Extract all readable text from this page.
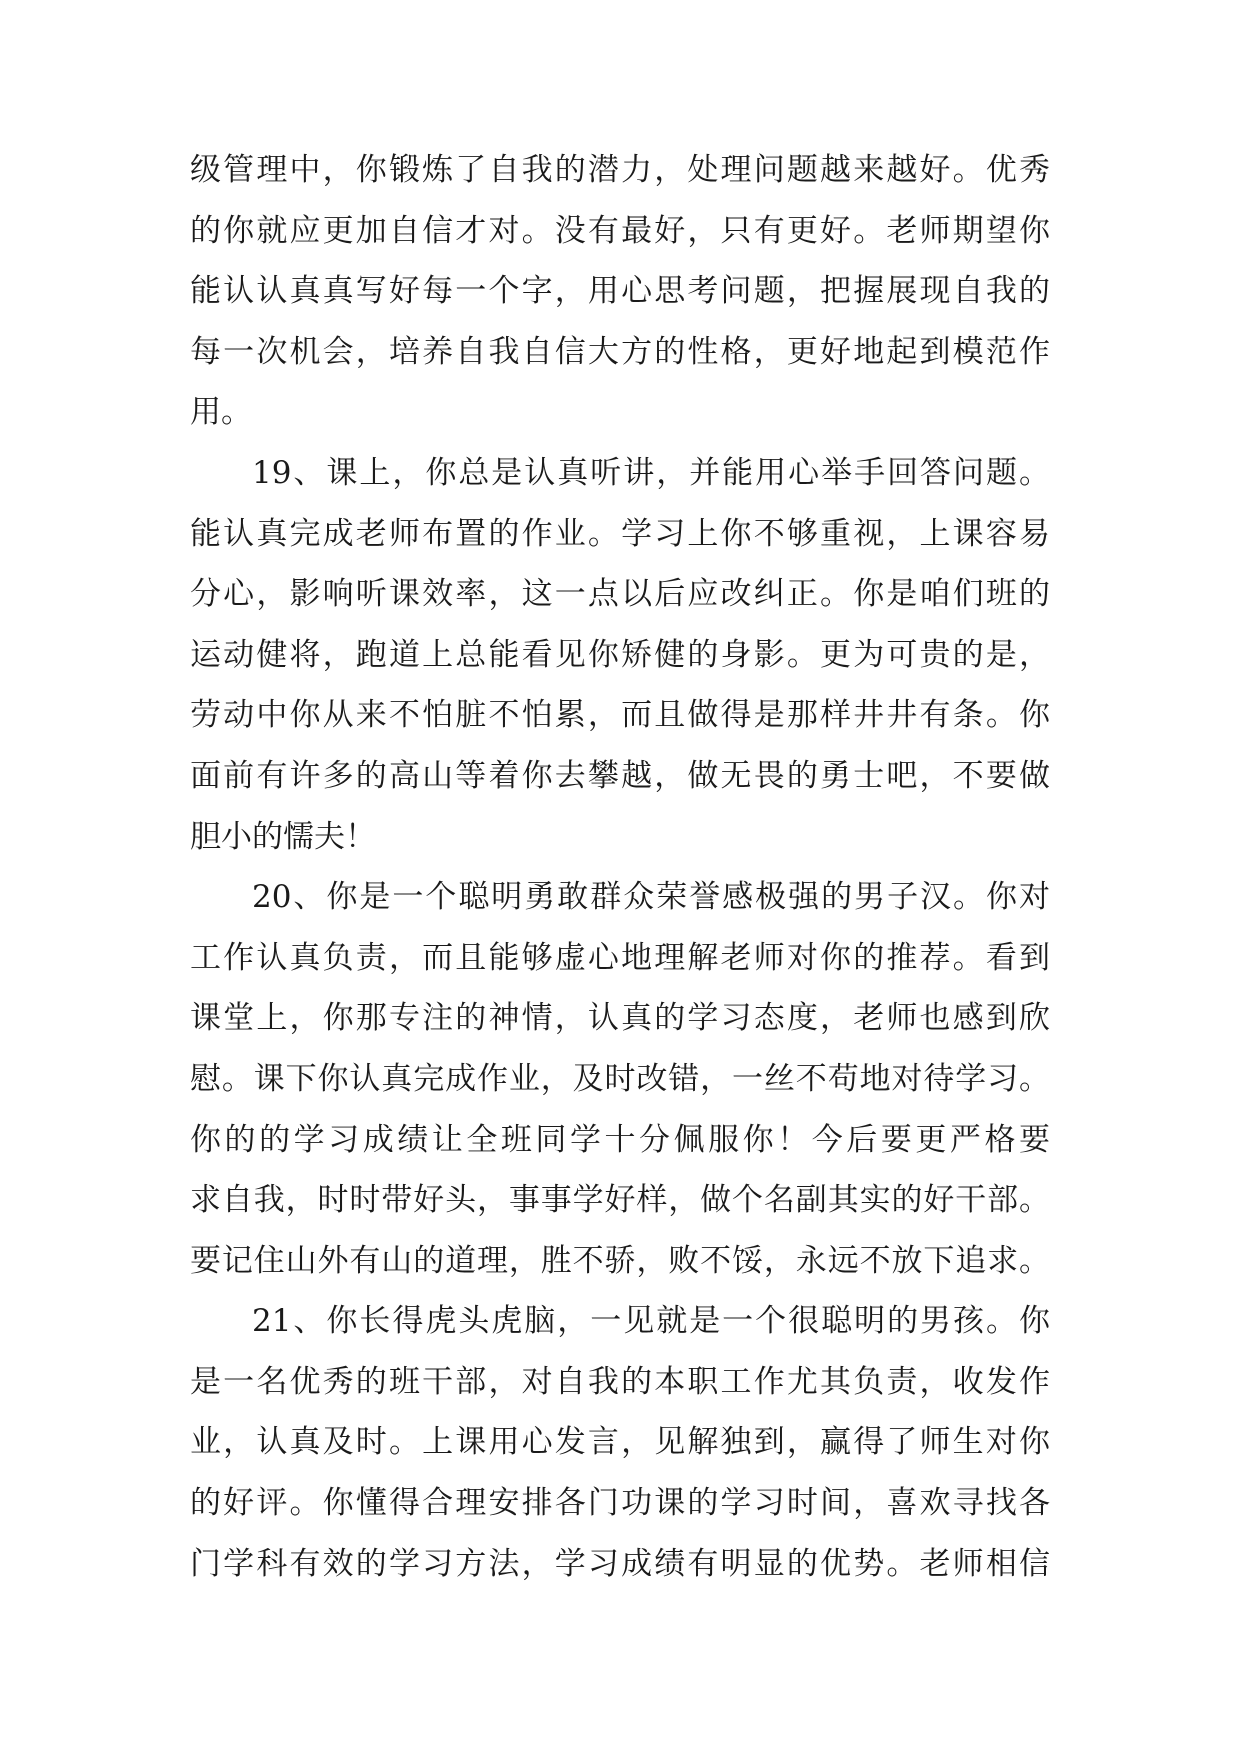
级管理中，你锻炼了自我的潜力，处理问题越来越好。优秀
的你就应更加自信才对。没有最好，只有更好。老师期望你
能认认真真写好每一个字，用心思考问题，把握展现自我的
每一次机会，培养自我自信大方的性格，更好地起到模范作
用。
19、课上，你总是认真听讲，并能用心举手回答问题。
能认真完成老师布置的作业。学习上你不够重视，上课容易
分心，影响听课效率，这一点以后应改纠正。你是咱们班的
运动健将，跑道上总能看见你矫健的身影。更为可贵的是，
劳动中你从来不怕脏不怕累，而且做得是那样井井有条。你
面前有许多的高山等着你去攀越，做无畏的勇士吧，不要做
胆小的懦夫！
20、你是一个聪明勇敢群众荣誉感极强的男子汉。你对
工作认真负责，而且能够虚心地理解老师对你的推荐。看到
课堂上，你那专注的神情，认真的学习态度，老师也感到欣
慰。课下你认真完成作业，及时改错，一丝不苟地对待学习。
你的的学习成绩让全班同学十分佩服你！今后要更严格要
求自我，时时带好头，事事学好样，做个名副其实的好干部。
要记住山外有山的道理，胜不骄，败不馁，永远不放下追求。
21、你长得虎头虎脑，一见就是一个很聪明的男孩。你
是一名优秀的班干部，对自我的本职工作尤其负责，收发作
业，认真及时。上课用心发言，见解独到，赢得了师生对你
的好评。你懂得合理安排各门功课的学习时间，喜欢寻找各
门学科有效的学习方法，学习成绩有明显的优势。老师相信
